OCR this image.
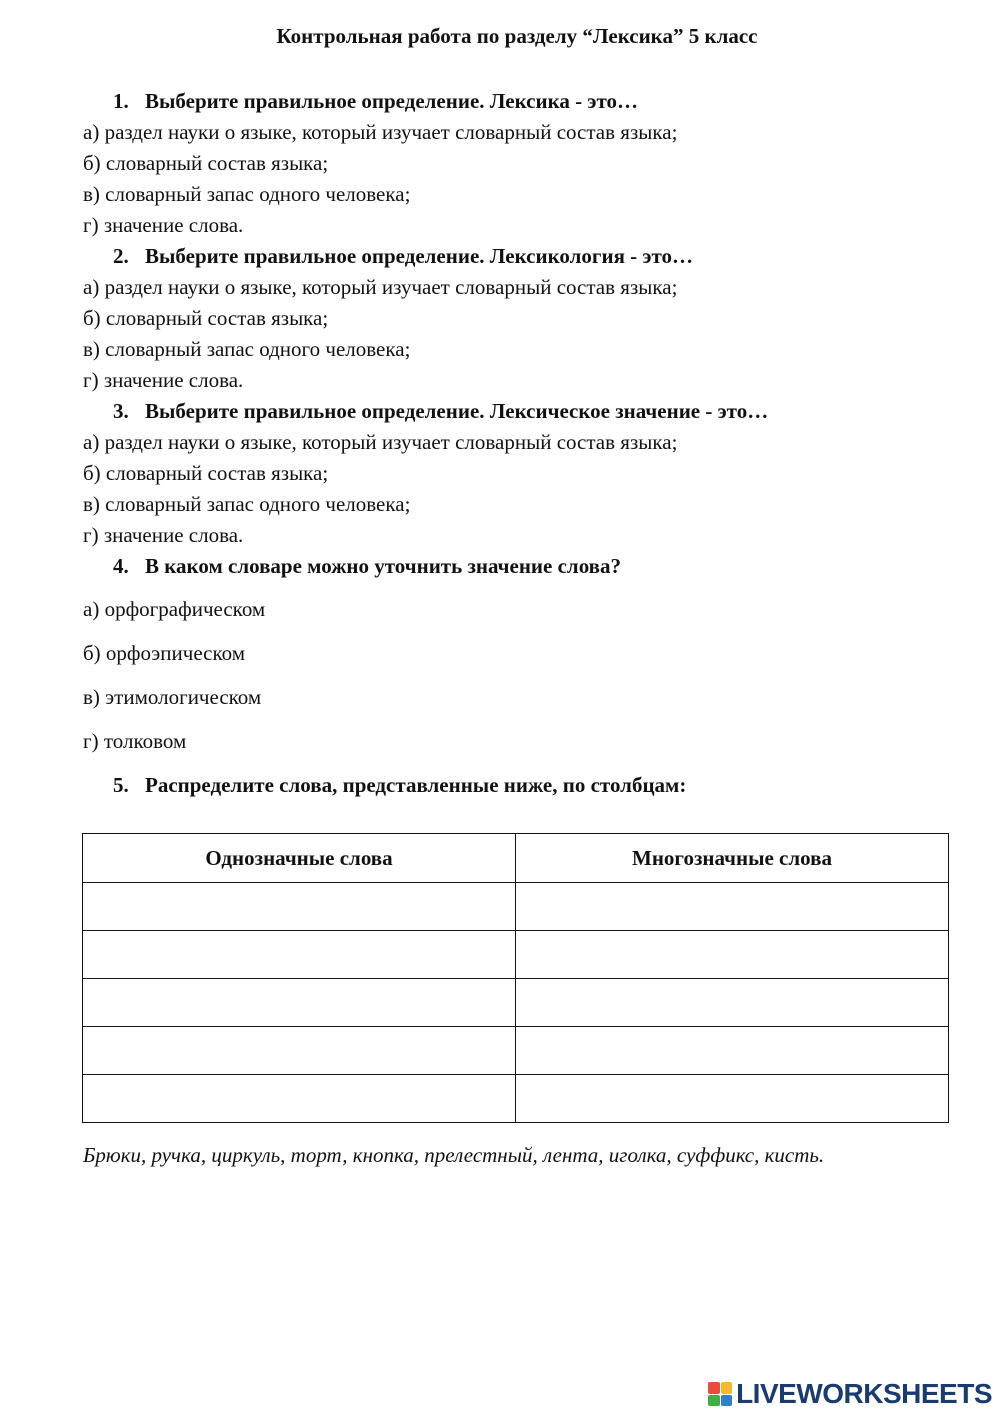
Контрольная работа по разделу “Лексика” 5 класс
1. Выберите правильное определение. Лексика - это…
а) раздел науки о языке, который изучает словарный состав языка;
б) словарный состав языка;
в) словарный запас одного человека;
г) значение слова.
2. Выберите правильное определение. Лексикология - это…
а) раздел науки о языке, который изучает словарный состав языка;
б) словарный состав языка;
в) словарный запас одного человека;
г) значение слова.
3. Выберите правильное определение. Лексическое значение - это…
а) раздел науки о языке, который изучает словарный состав языка;
б) словарный состав языка;
в) словарный запас одного человека;
г) значение слова.
4. В каком словаре можно уточнить значение слова?
а) орфографическом
б) орфоэпическом
в) этимологическом
г) толковом
5. Распределите слова, представленные ниже, по столбцам:
Однозначные слова	Многозначные слова

Брюки, ручка, циркуль, торт, кнопка, прелестный, лента, иголка, суффикс, кисть.
LIVEWORKSHEETS
